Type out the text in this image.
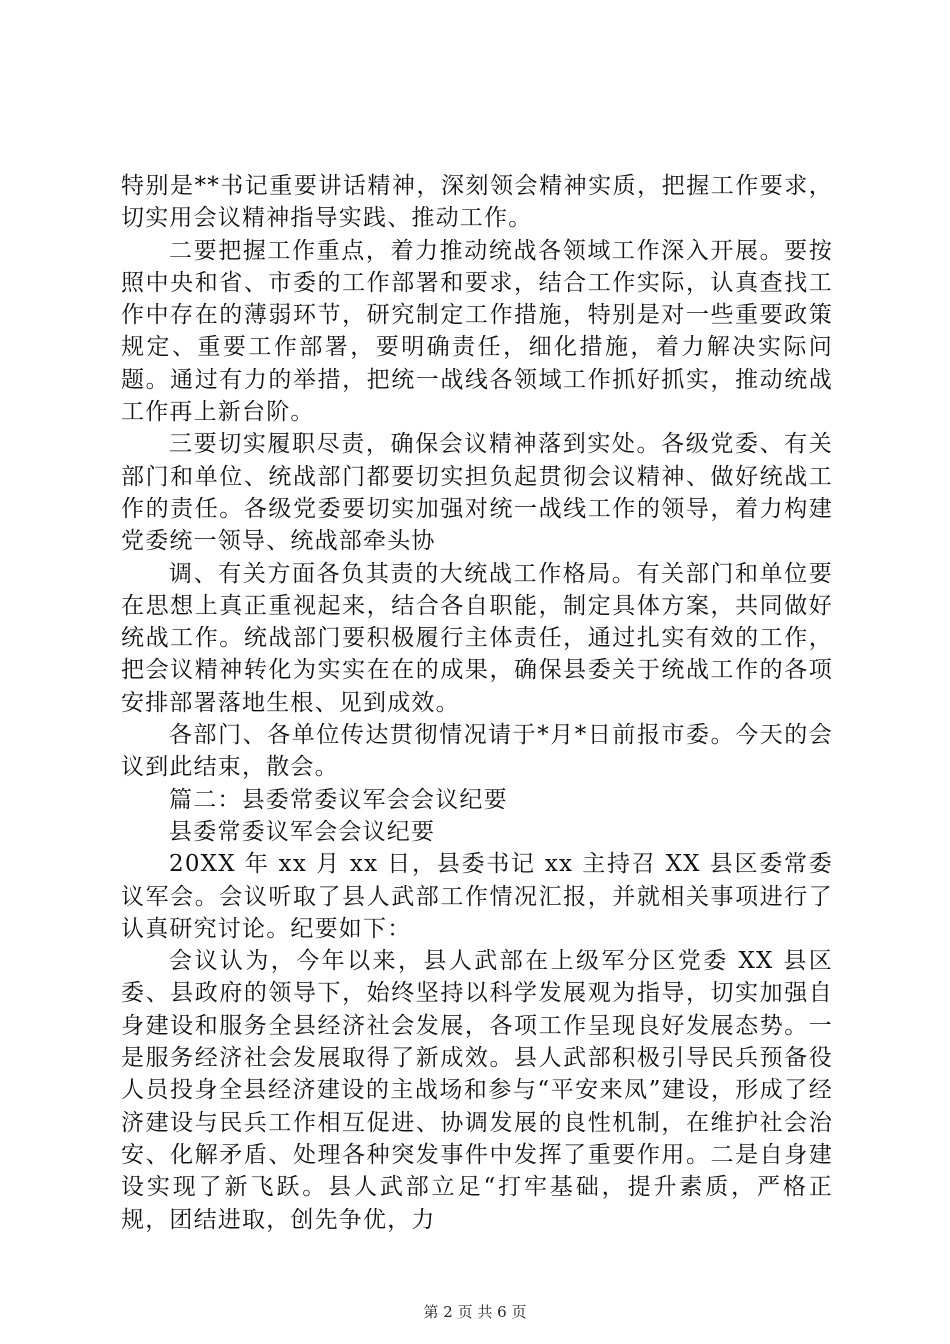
特别是**书记重要讲话精神，深刻领会精神实质，把握工作要求，切实用会议精神指导实践、推动工作。

二要把握工作重点，着力推动统战各领域工作深入开展。要按照中央和省、市委的工作部署和要求，结合工作实际，认真查找工作中存在的薄弱环节，研究制定工作措施，特别是对一些重要政策规定、重要工作部署，要明确责任，细化措施，着力解决实际问题。通过有力的举措，把统一战线各领域工作抓好抓实，推动统战工作再上新台阶。

三要切实履职尽责，确保会议精神落到实处。各级党委、有关部门和单位、统战部门都要切实担负起贯彻会议精神、做好统战工作的责任。各级党委要切实加强对统一战线工作的领导，着力构建党委统一领导、统战部牵头协

调、有关方面各负其责的大统战工作格局。有关部门和单位要在思想上真正重视起来，结合各自职能，制定具体方案，共同做好统战工作。统战部门要积极履行主体责任，通过扎实有效的工作，把会议精神转化为实实在在的成果，确保县委关于统战工作的各项安排部署落地生根、见到成效。

各部门、各单位传达贯彻情况请于*月*日前报市委。今天的会议到此结束，散会。

篇二：县委常委议军会会议纪要

县委常委议军会会议纪要

20XX 年 xx 月 xx 日，县委书记 xx 主持召 XX 县区委常委议军会。会议听取了县人武部工作情况汇报，并就相关事项进行了认真研究讨论。纪要如下：

会议认为，今年以来，县人武部在上级军分区党委 XX 县区委、县政府的领导下，始终坚持以科学发展观为指导，切实加强自身建设和服务全县经济社会发展，各项工作呈现良好发展态势。一是服务经济社会发展取得了新成效。县人武部积极引导民兵预备役人员投身全县经济建设的主战场和参与“平安来凤”建设，形成了经济建设与民兵工作相互促进、协调发展的良性机制，在维护社会治安、化解矛盾、处理各种突发事件中发挥了重要作用。二是自身建设实现了新飞跃。县人武部立足“打牢基础，提升素质，严格正规，团结进取，创先争优，力

第 2 页 共 6 页
